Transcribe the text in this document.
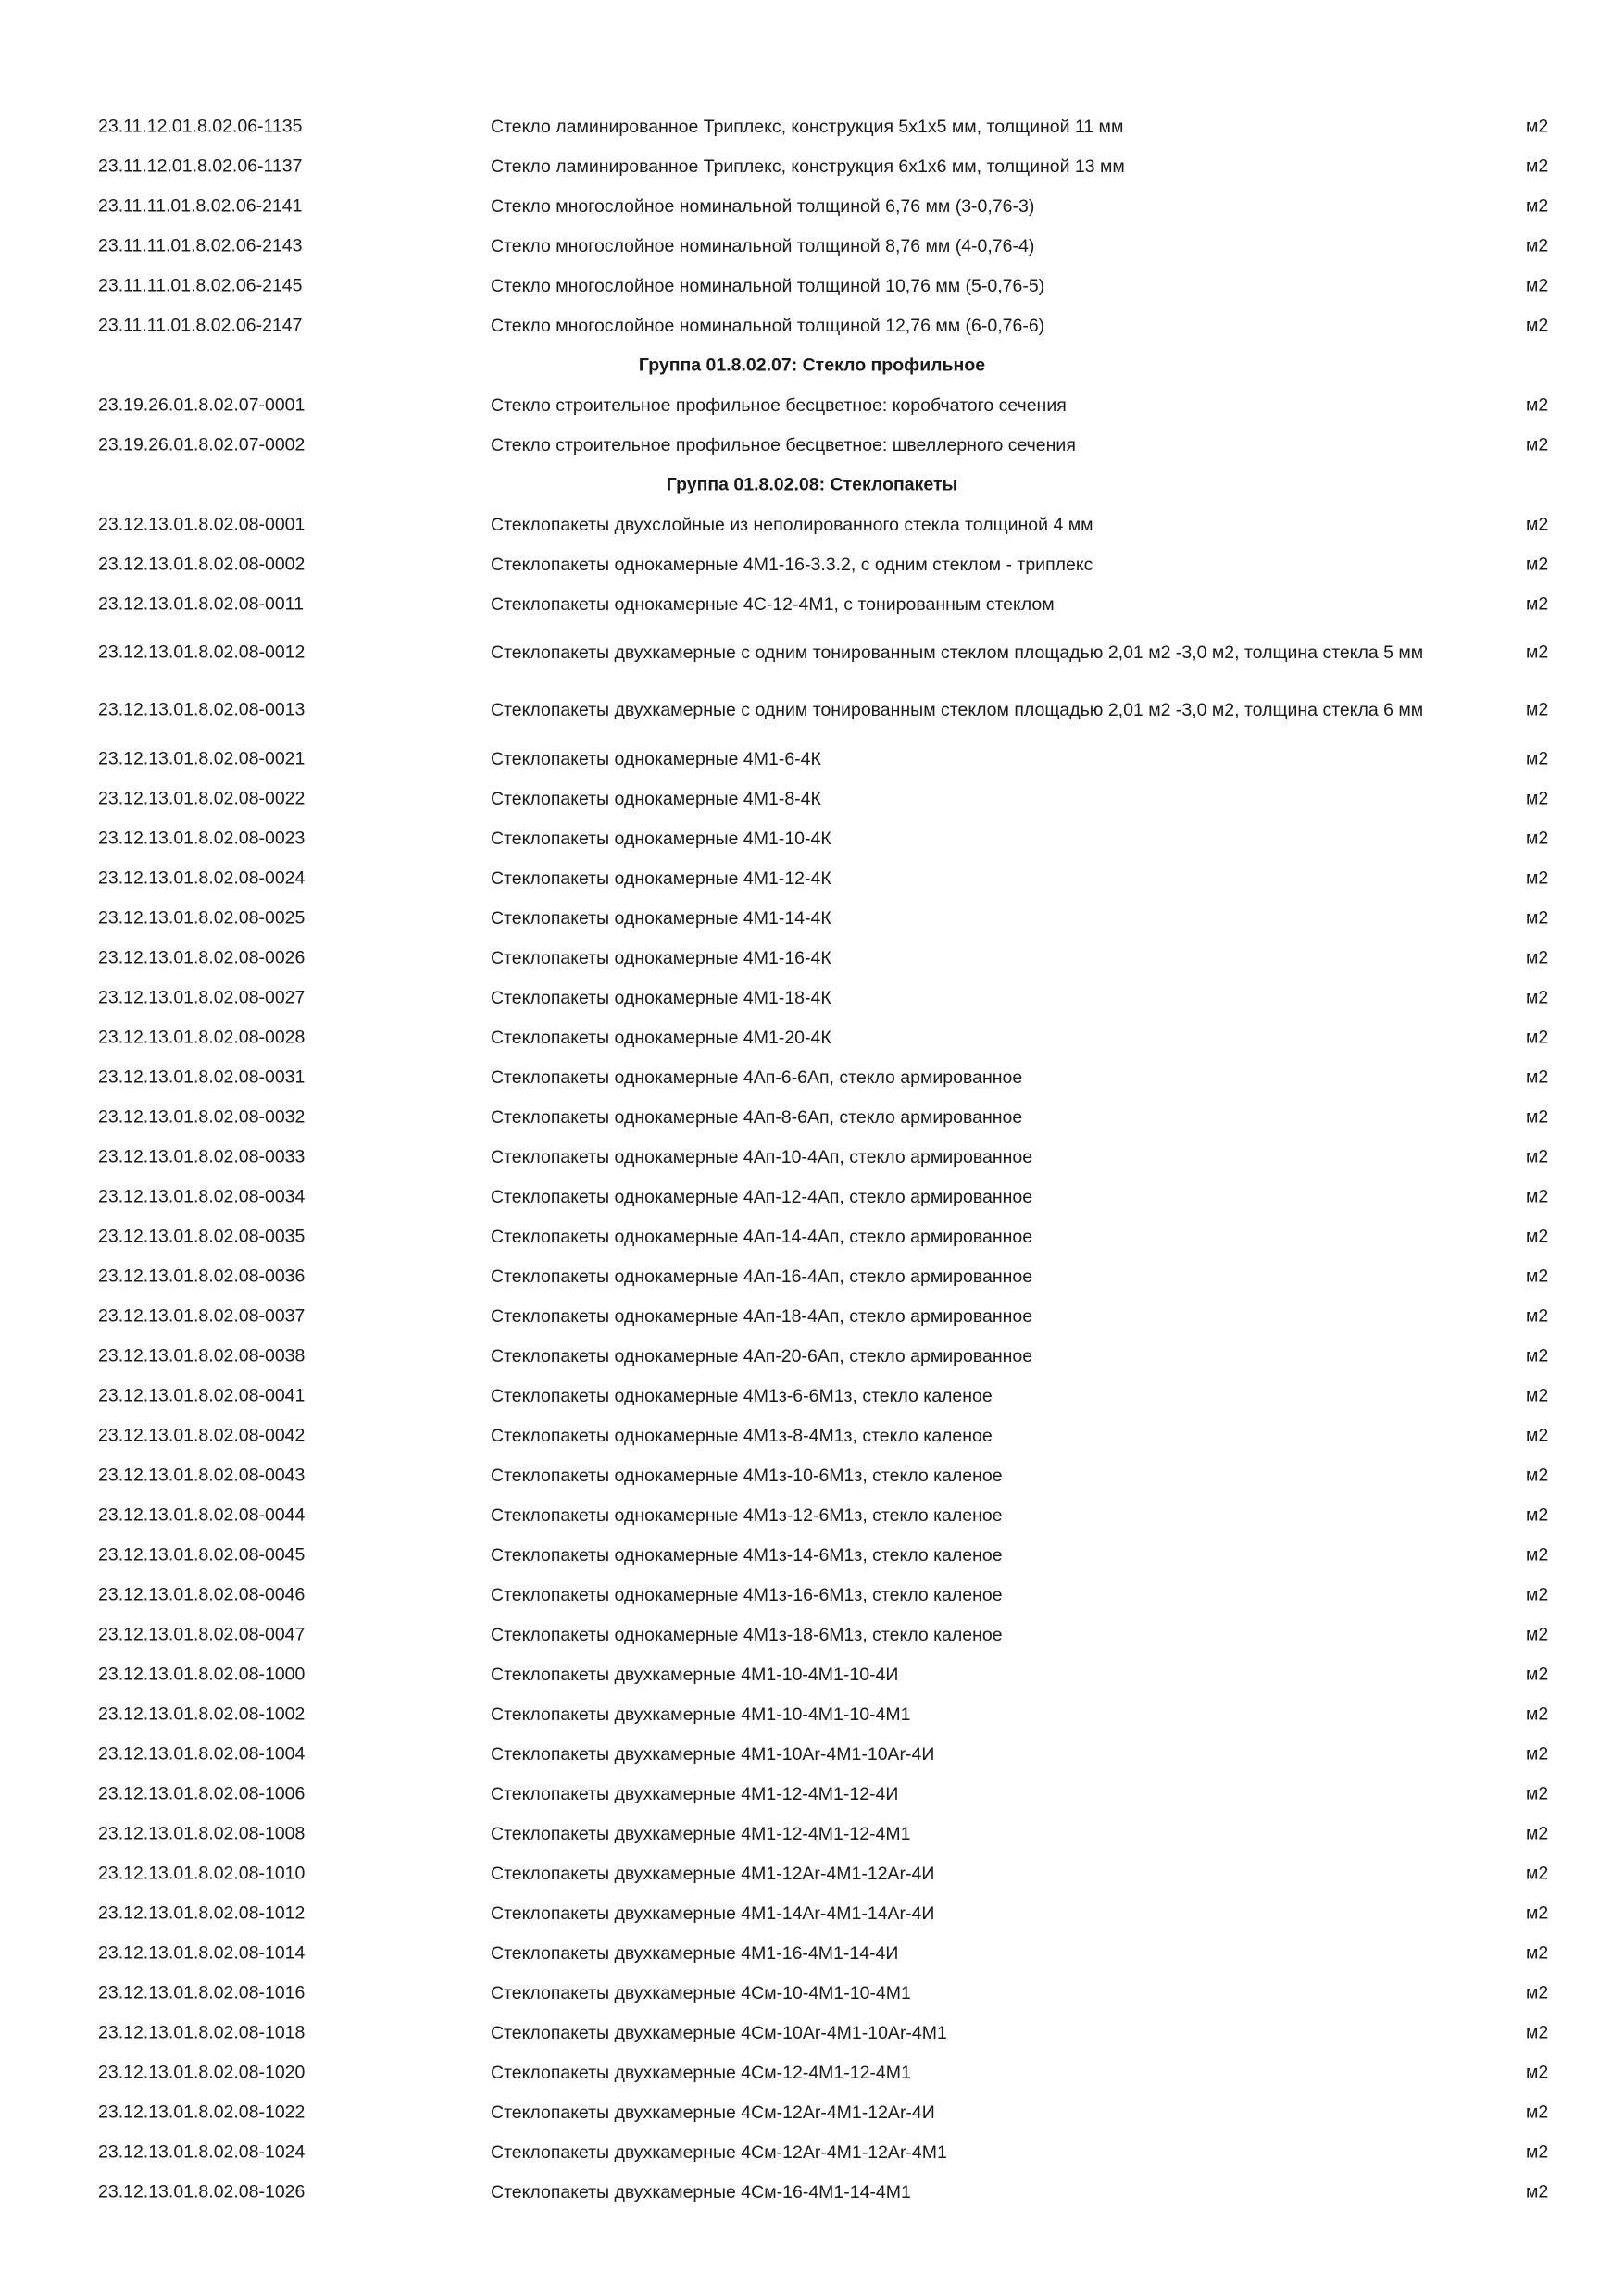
23.11.12.01.8.02.06-1135	Стекло ламинированное Триплекс, конструкция 5х1х5 мм, толщиной 11 мм	м2
23.11.12.01.8.02.06-1137	Стекло ламинированное Триплекс, конструкция 6х1х6 мм, толщиной 13 мм	м2
23.11.11.01.8.02.06-2141	Стекло многослойное номинальной толщиной 6,76 мм (3-0,76-3)	м2
23.11.11.01.8.02.06-2143	Стекло многослойное номинальной толщиной 8,76 мм (4-0,76-4)	м2
23.11.11.01.8.02.06-2145	Стекло многослойное номинальной толщиной 10,76 мм (5-0,76-5)	м2
23.11.11.01.8.02.06-2147	Стекло многослойное номинальной толщиной 12,76 мм (6-0,76-6)	м2
Группа 01.8.02.07: Стекло профильное
23.19.26.01.8.02.07-0001	Стекло строительное профильное бесцветное: коробчатого сечения	м2
23.19.26.01.8.02.07-0002	Стекло строительное профильное бесцветное: швеллерного сечения	м2
Группа 01.8.02.08: Стеклопакеты
23.12.13.01.8.02.08-0001	Стеклопакеты двухслойные из неполированного стекла толщиной 4 мм	м2
23.12.13.01.8.02.08-0002	Стеклопакеты однокамерные 4М1-16-3.3.2, с одним стеклом - триплекс	м2
23.12.13.01.8.02.08-0011	Стеклопакеты однокамерные 4С-12-4М1, с тонированным стеклом	м2
23.12.13.01.8.02.08-0012	Стеклопакеты двухкамерные с одним тонированным стеклом площадью 2,01 м2 -3,0 м2, толщина стекла 5 мм	м2
23.12.13.01.8.02.08-0013	Стеклопакеты двухкамерные с одним тонированным стеклом площадью 2,01 м2 -3,0 м2, толщина стекла 6 мм	м2
23.12.13.01.8.02.08-0021	Стеклопакеты однокамерные 4М1-6-4К	м2
23.12.13.01.8.02.08-0022	Стеклопакеты однокамерные 4М1-8-4К	м2
23.12.13.01.8.02.08-0023	Стеклопакеты однокамерные 4М1-10-4К	м2
23.12.13.01.8.02.08-0024	Стеклопакеты однокамерные 4М1-12-4К	м2
23.12.13.01.8.02.08-0025	Стеклопакеты однокамерные 4М1-14-4К	м2
23.12.13.01.8.02.08-0026	Стеклопакеты однокамерные 4М1-16-4К	м2
23.12.13.01.8.02.08-0027	Стеклопакеты однокамерные 4М1-18-4К	м2
23.12.13.01.8.02.08-0028	Стеклопакеты однокамерные 4М1-20-4К	м2
23.12.13.01.8.02.08-0031	Стеклопакеты однокамерные 4Ап-6-6Ап, стекло армированное	м2
23.12.13.01.8.02.08-0032	Стеклопакеты однокамерные 4Ап-8-6Ап, стекло армированное	м2
23.12.13.01.8.02.08-0033	Стеклопакеты однокамерные 4Ап-10-4Ап, стекло армированное	м2
23.12.13.01.8.02.08-0034	Стеклопакеты однокамерные 4Ап-12-4Ап, стекло армированное	м2
23.12.13.01.8.02.08-0035	Стеклопакеты однокамерные 4Ап-14-4Ап, стекло армированное	м2
23.12.13.01.8.02.08-0036	Стеклопакеты однокамерные 4Ап-16-4Ап, стекло армированное	м2
23.12.13.01.8.02.08-0037	Стеклопакеты однокамерные 4Ап-18-4Ап, стекло армированное	м2
23.12.13.01.8.02.08-0038	Стеклопакеты однокамерные 4Ап-20-6Ап, стекло армированное	м2
23.12.13.01.8.02.08-0041	Стеклопакеты однокамерные 4М1з-6-6М1з, стекло каленое	м2
23.12.13.01.8.02.08-0042	Стеклопакеты однокамерные 4М1з-8-4М1з, стекло каленое	м2
23.12.13.01.8.02.08-0043	Стеклопакеты однокамерные 4М1з-10-6М1з, стекло каленое	м2
23.12.13.01.8.02.08-0044	Стеклопакеты однокамерные 4М1з-12-6М1з, стекло каленое	м2
23.12.13.01.8.02.08-0045	Стеклопакеты однокамерные 4М1з-14-6М1з, стекло каленое	м2
23.12.13.01.8.02.08-0046	Стеклопакеты однокамерные 4М1з-16-6М1з, стекло каленое	м2
23.12.13.01.8.02.08-0047	Стеклопакеты однокамерные 4М1з-18-6М1з, стекло каленое	м2
23.12.13.01.8.02.08-1000	Стеклопакеты двухкамерные 4М1-10-4М1-10-4И	м2
23.12.13.01.8.02.08-1002	Стеклопакеты двухкамерные 4М1-10-4М1-10-4М1	м2
23.12.13.01.8.02.08-1004	Стеклопакеты двухкамерные 4М1-10Ar-4М1-10Ar-4И	м2
23.12.13.01.8.02.08-1006	Стеклопакеты двухкамерные 4М1-12-4М1-12-4И	м2
23.12.13.01.8.02.08-1008	Стеклопакеты двухкамерные 4М1-12-4М1-12-4М1	м2
23.12.13.01.8.02.08-1010	Стеклопакеты двухкамерные 4М1-12Ar-4М1-12Ar-4И	м2
23.12.13.01.8.02.08-1012	Стеклопакеты двухкамерные 4М1-14Ar-4М1-14Ar-4И	м2
23.12.13.01.8.02.08-1014	Стеклопакеты двухкамерные 4М1-16-4М1-14-4И	м2
23.12.13.01.8.02.08-1016	Стеклопакеты двухкамерные 4См-10-4М1-10-4М1	м2
23.12.13.01.8.02.08-1018	Стеклопакеты двухкамерные 4См-10Ar-4М1-10Ar-4М1	м2
23.12.13.01.8.02.08-1020	Стеклопакеты двухкамерные 4См-12-4М1-12-4М1	м2
23.12.13.01.8.02.08-1022	Стеклопакеты двухкамерные 4См-12Ar-4М1-12Ar-4И	м2
23.12.13.01.8.02.08-1024	Стеклопакеты двухкамерные 4См-12Ar-4М1-12Ar-4М1	м2
23.12.13.01.8.02.08-1026	Стеклопакеты двухкамерные 4См-16-4М1-14-4М1	м2
